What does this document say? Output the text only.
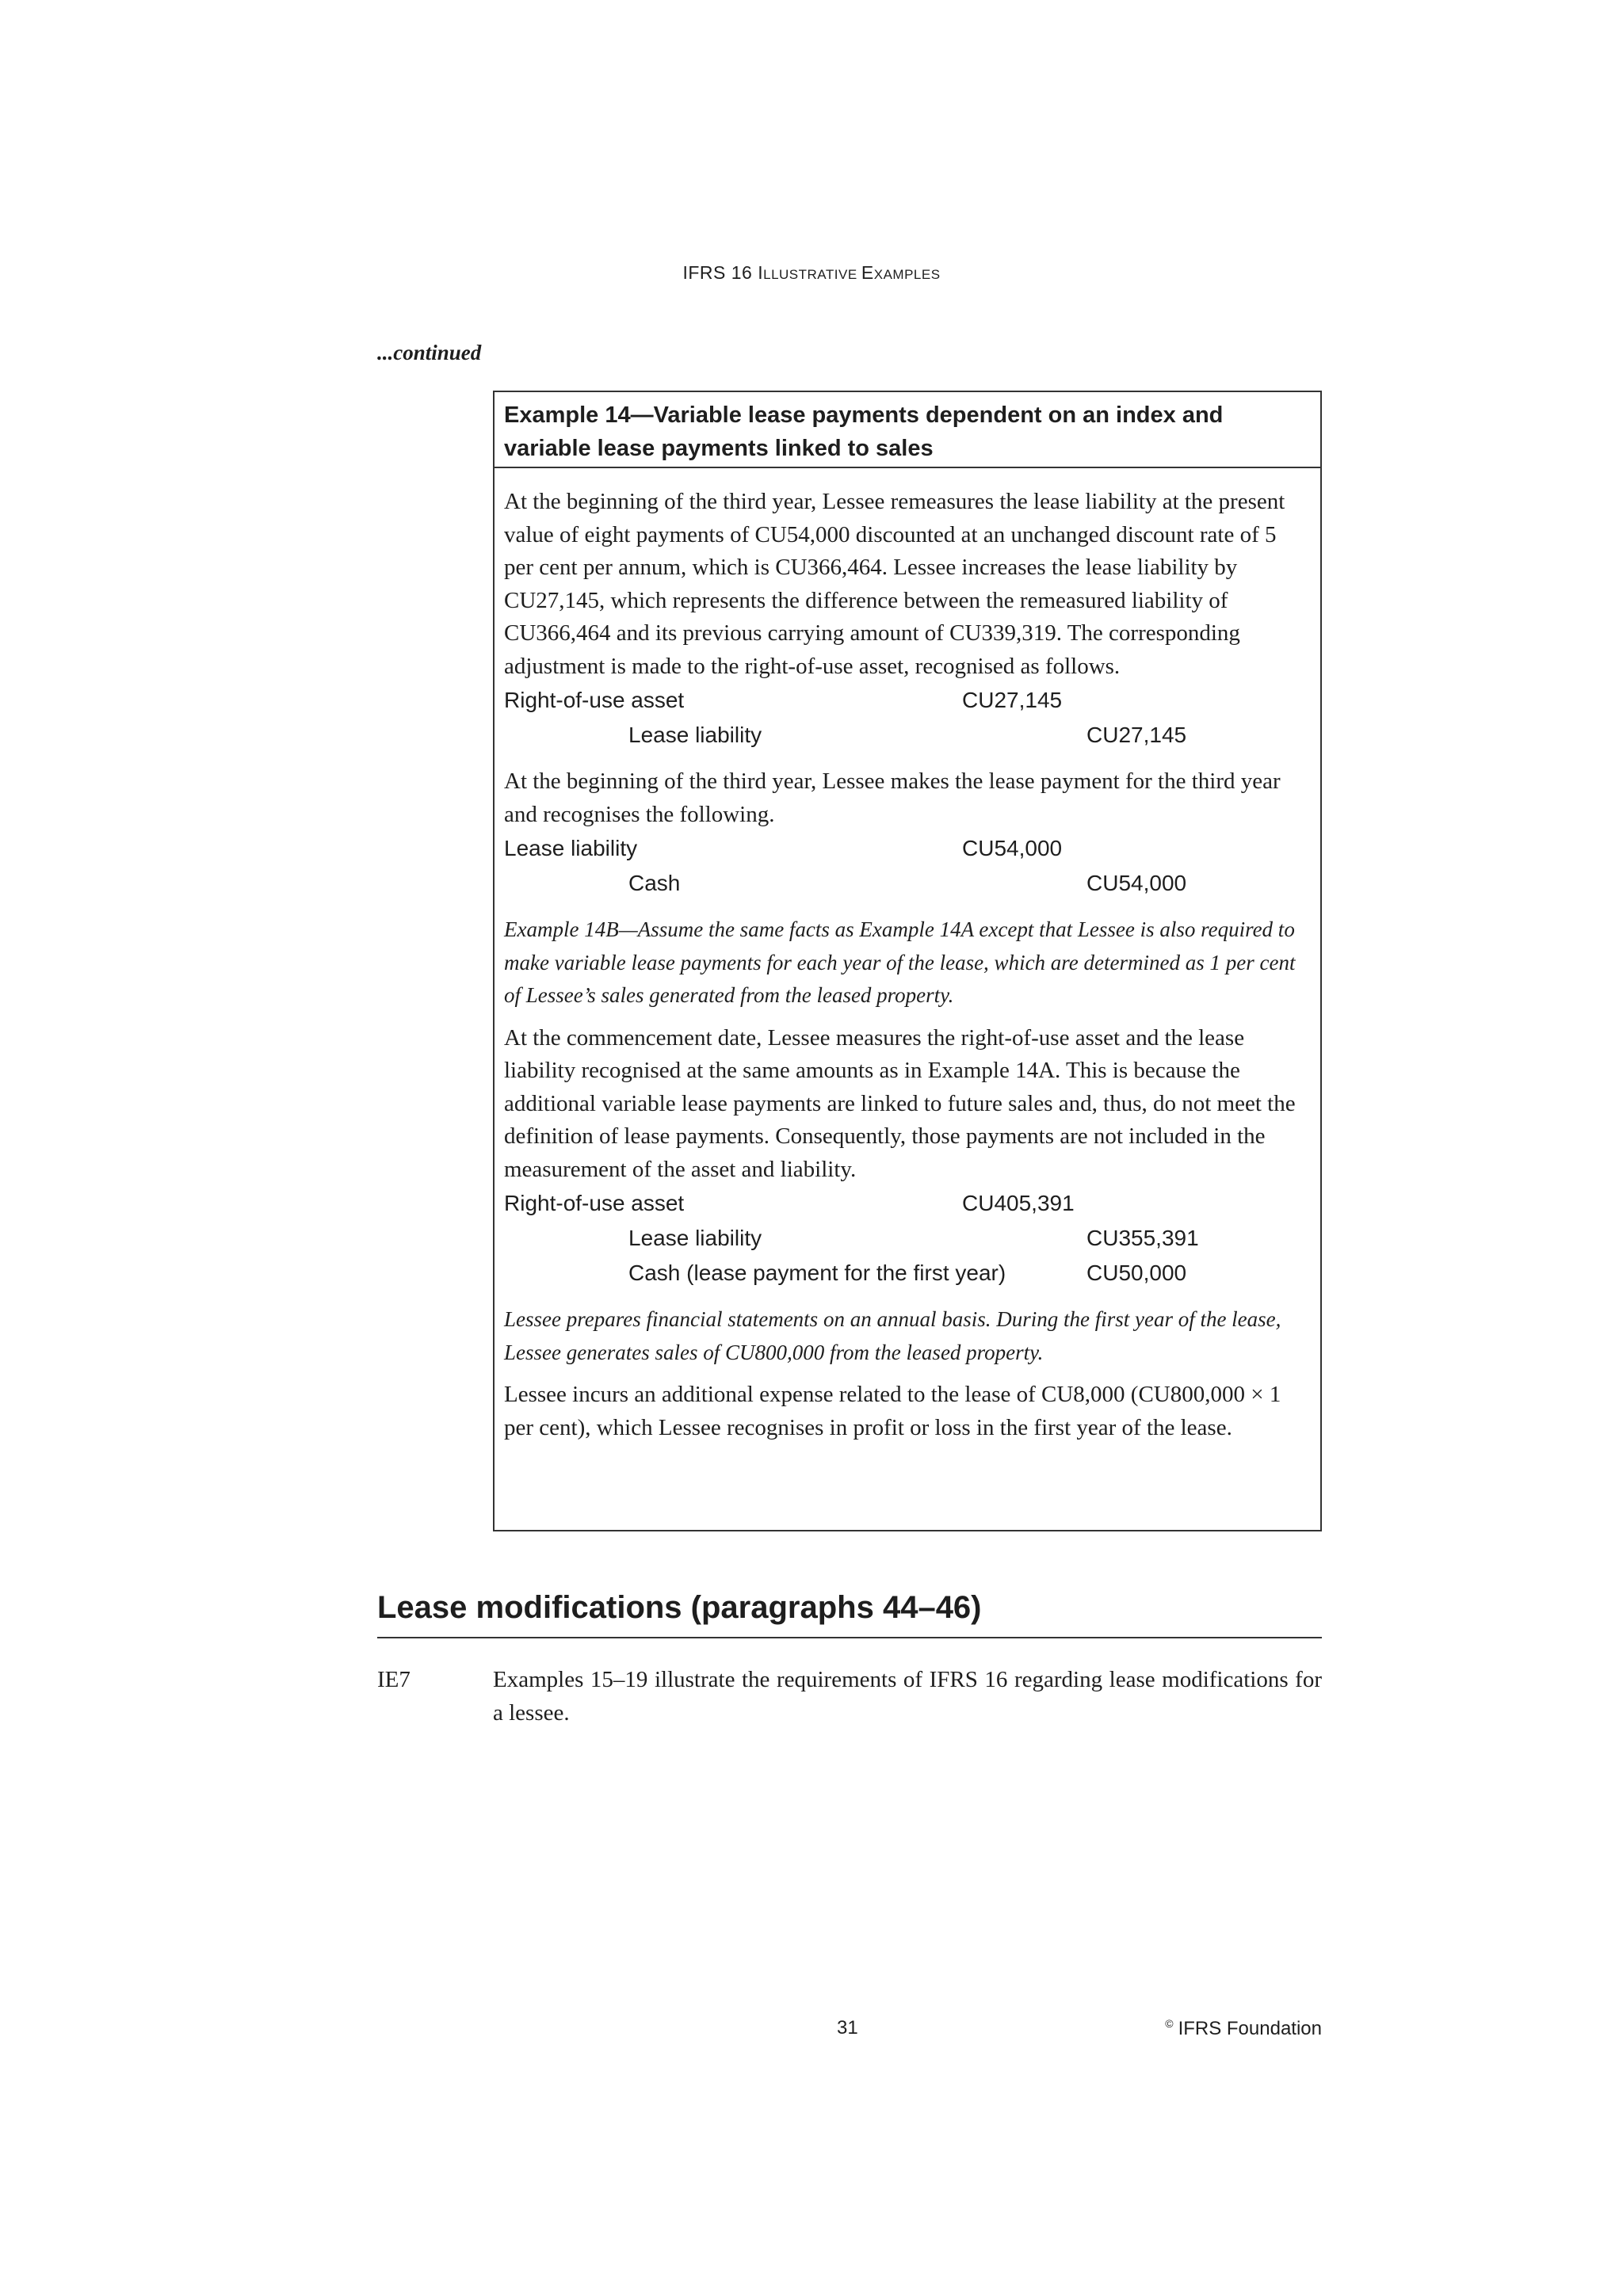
IFRS 16 ILLUSTRATIVE EXAMPLES
...continued
Example 14—Variable lease payments dependent on an index and variable lease payments linked to sales

At the beginning of the third year, Lessee remeasures the lease liability at the present value of eight payments of CU54,000 discounted at an unchanged discount rate of 5 per cent per annum, which is CU366,464. Lessee increases the lease liability by CU27,145, which represents the difference between the remeasured liability of CU366,464 and its previous carrying amount of CU339,319. The corresponding adjustment is made to the right-of-use asset, recognised as follows.

Right-of-use asset	CU27,145
Lease liability	CU27,145

At the beginning of the third year, Lessee makes the lease payment for the third year and recognises the following.

Lease liability	CU54,000
Cash	CU54,000

Example 14B—Assume the same facts as Example 14A except that Lessee is also required to make variable lease payments for each year of the lease, which are determined as 1 per cent of Lessee’s sales generated from the leased property.

At the commencement date, Lessee measures the right-of-use asset and the lease liability recognised at the same amounts as in Example 14A. This is because the additional variable lease payments are linked to future sales and, thus, do not meet the definition of lease payments. Consequently, those payments are not included in the measurement of the asset and liability.

Right-of-use asset	CU405,391
Lease liability	CU355,391
Cash (lease payment for the first year)	CU50,000

Lessee prepares financial statements on an annual basis. During the first year of the lease, Lessee generates sales of CU800,000 from the leased property.

Lessee incurs an additional expense related to the lease of CU8,000 (CU800,000 × 1 per cent), which Lessee recognises in profit or loss in the first year of the lease.

Lease modifications (paragraphs 44–46)
IE7	Examples 15–19 illustrate the requirements of IFRS 16 regarding lease modifications for a lessee.
31	© IFRS Foundation
